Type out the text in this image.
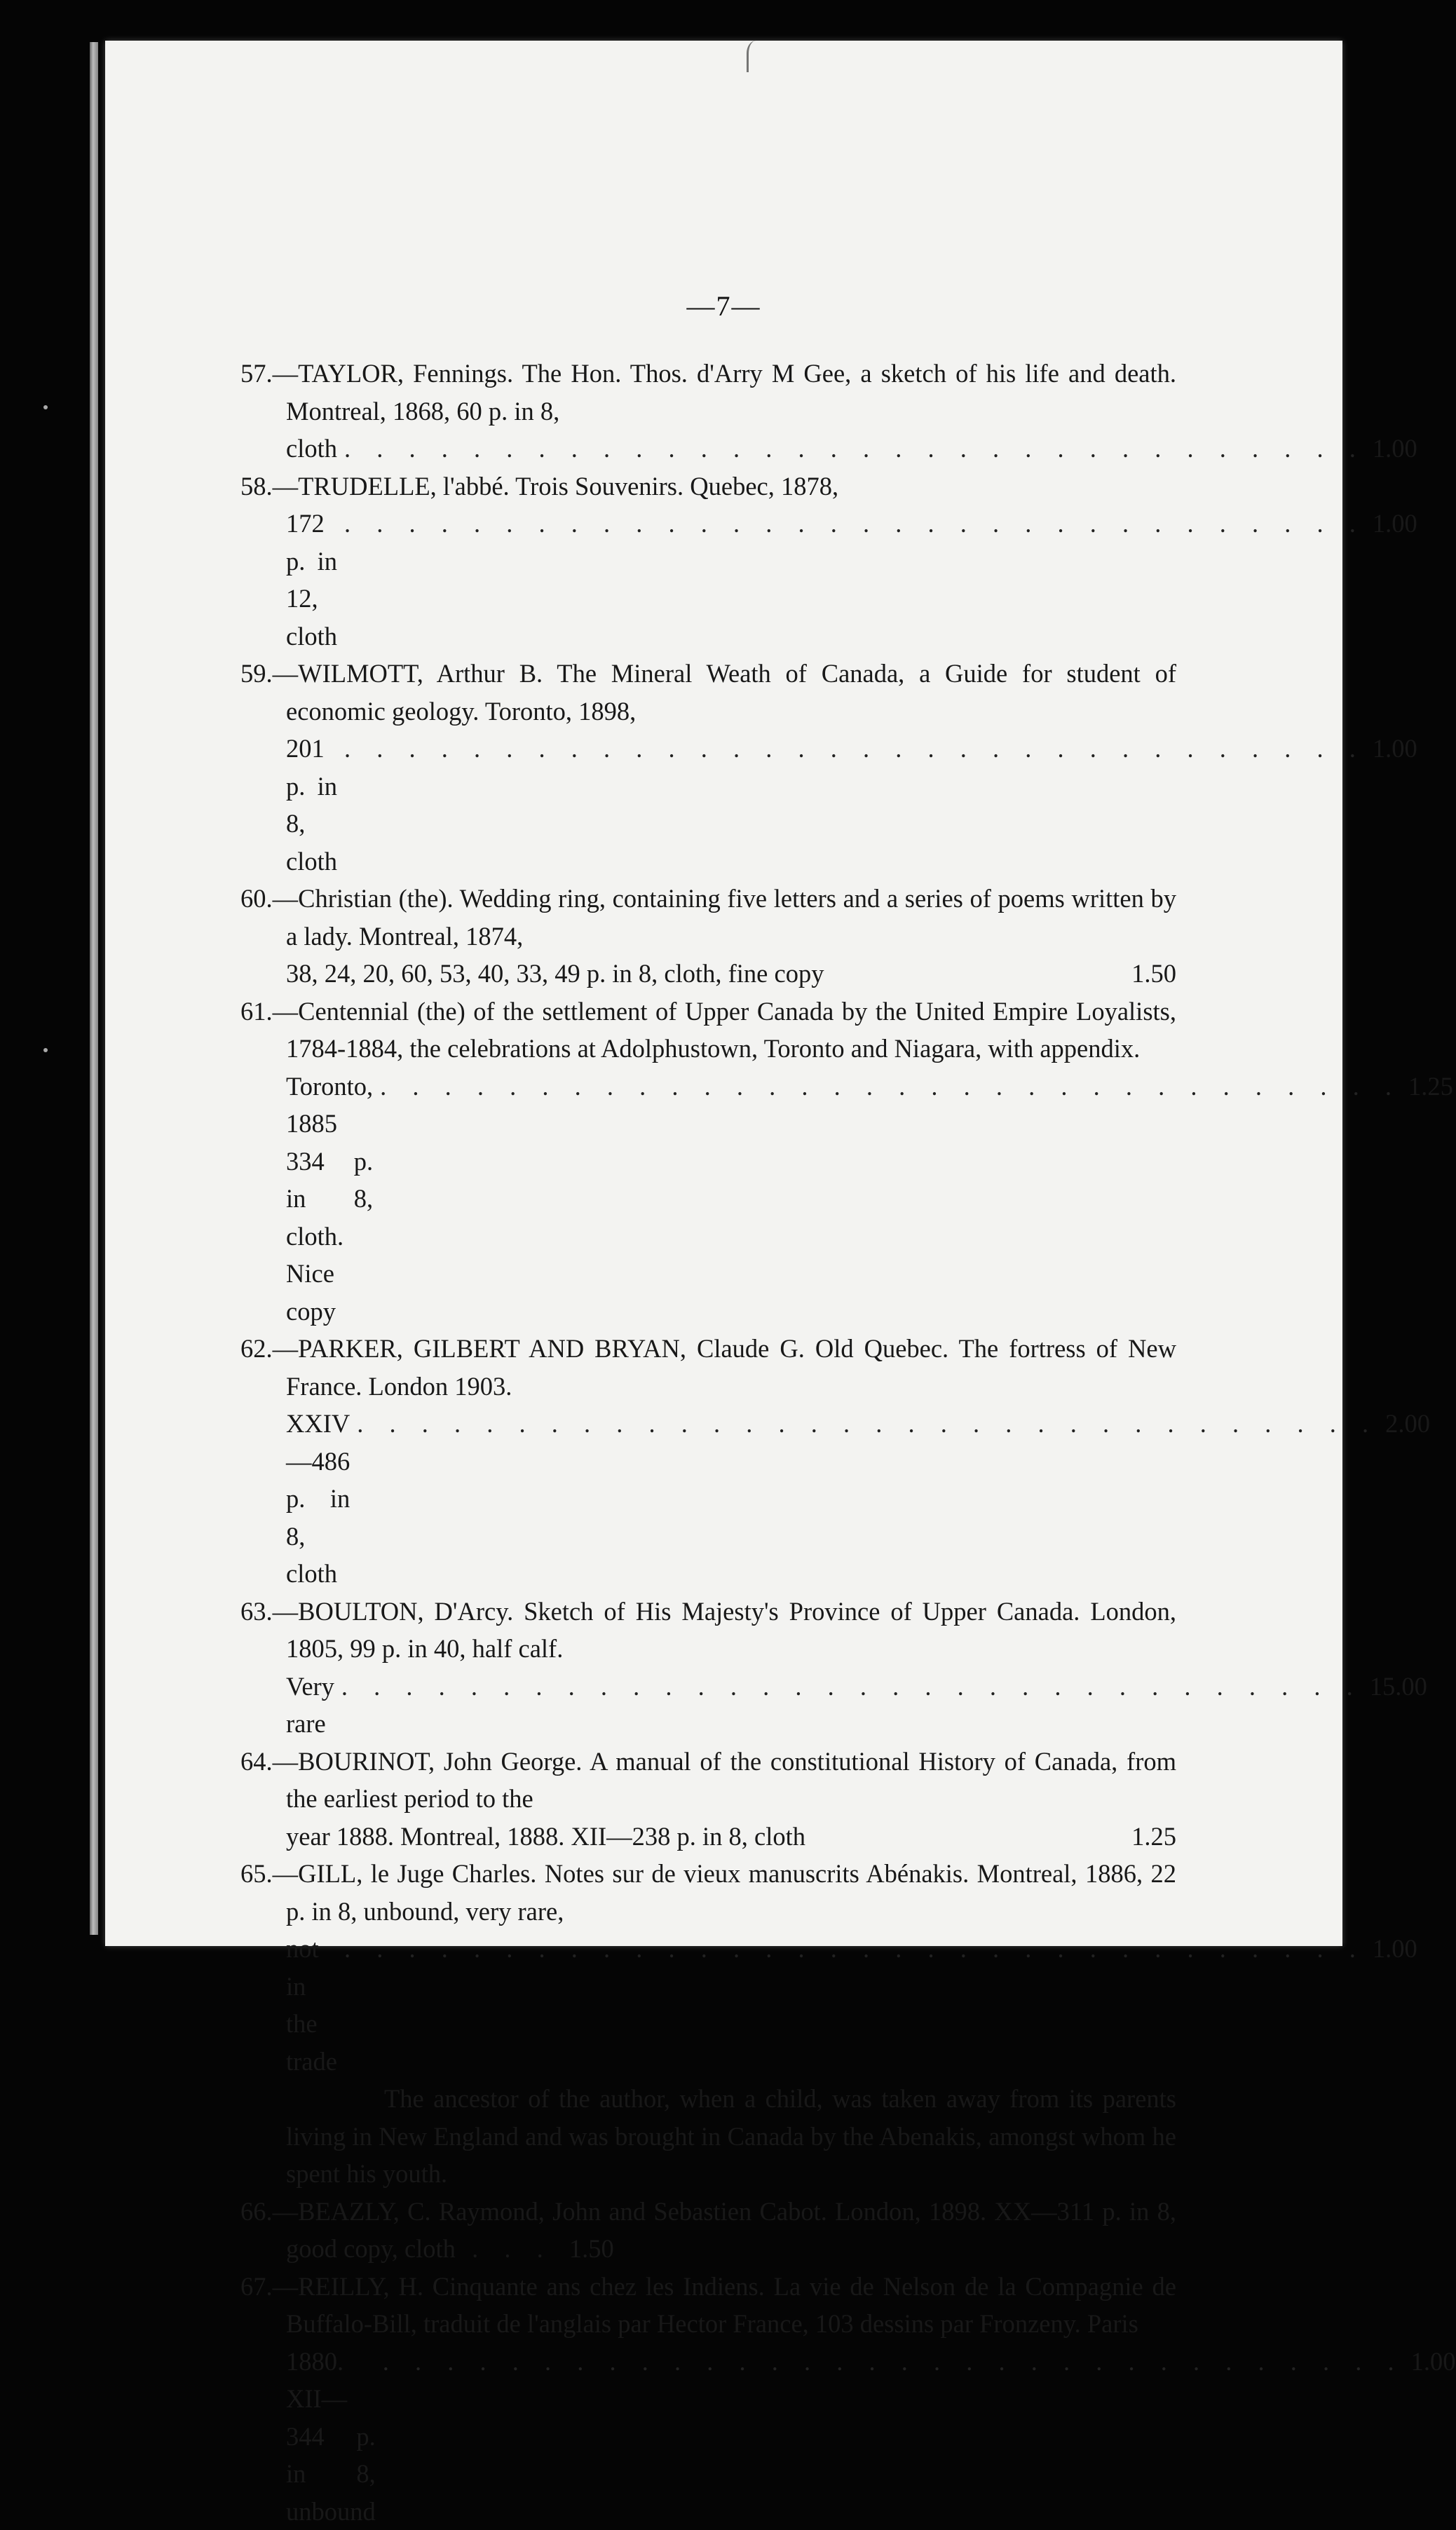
—7—

57.—TAYLOR, Fennings. The Hon. Thos. d'Arry M Gee, a sketch of his life and death. Montreal, 1868, 60 p. in 8,
cloth . . . . . . . . . . . . . . . . . . . . . . . . . . . . . . . . 1.00

58.—TRUDELLE, l'abbé. Trois Souvenirs. Quebec, 1878,
172 p. in 12, cloth
. . . . . . . . . . . . . . . . . . . . . . . . . . . . . . . . 1.00

59.—WILMOTT, Arthur B. The Mineral Weath of Canada, a Guide for student of economic geology. Toronto, 1898,
201 p. in 8, cloth
. . . . . . . . . . . . . . . . . . . . . . . . . . . . . . . . 1.00

60.—Christian (the). Wedding ring, containing five letters and a series of poems written by a lady. Montreal, 1874,
38, 24, 20, 60, 53, 40, 33, 49 p. in 8, cloth, fine copy	1.50

61.—Centennial (the) of the settlement of Upper Canada by the United Empire Loyalists, 1784-1884, the celebrations at Adolphustown, Toronto and Niagara, with appendix.
Toronto, 1885 334 p. in 8, cloth. Nice copy
. . . . . . . . . . . . . . . . . . . . . . . . . . . . . . . . 1.25

62.—PARKER, GILBERT AND BRYAN, Claude G. Old Quebec. The fortress of New France. London 1903.
XXIV—486 p. in 8, cloth
. . . . . . . . . . . . . . . . . . . . . . . . . . . . . . . . 2.00

63.—BOULTON, D'Arcy. Sketch of His Majesty's Province of Upper Canada. London, 1805, 99 p. in 40, half calf.
Very rare
. . . . . . . . . . . . . . . . . . . . . . . . . . . . . . . . 15.00

64.—BOURINOT, John George. A manual of the constitutional History of Canada, from the earliest period to the
year 1888. Montreal, 1888. XII—238 p. in 8, cloth	1.25

65.—GILL, le Juge Charles. Notes sur de vieux manuscrits Abénakis. Montreal, 1886, 22 p. in 8, unbound, very rare,
not in the trade
. . . . . . . . . . . . . . . . . . . . . . . . . . . . . . . . 1.00

The ancestor of the author, when a child, was taken away from its parents living in New England and was brought in Canada by the Abenakis, amongst whom he spent his youth.

66.—BEAZLY, C. Raymond, John and Sebastien Cabot. London, 1898. XX—311 p. in 8, good copy, cloth . . . 1.50

67.—REILLY, H. Cinquante ans chez les Indiens. La vie de Nelson de la Compagnie de Buffalo-Bill, traduit de l'anglais par Hector France, 103 dessins par Fronzeny. Paris
1880. XII—344 p. in 8, unbound
. . . . . . . . . . . . . . . . . . . . . . . . . . . . . . . . 1.00
